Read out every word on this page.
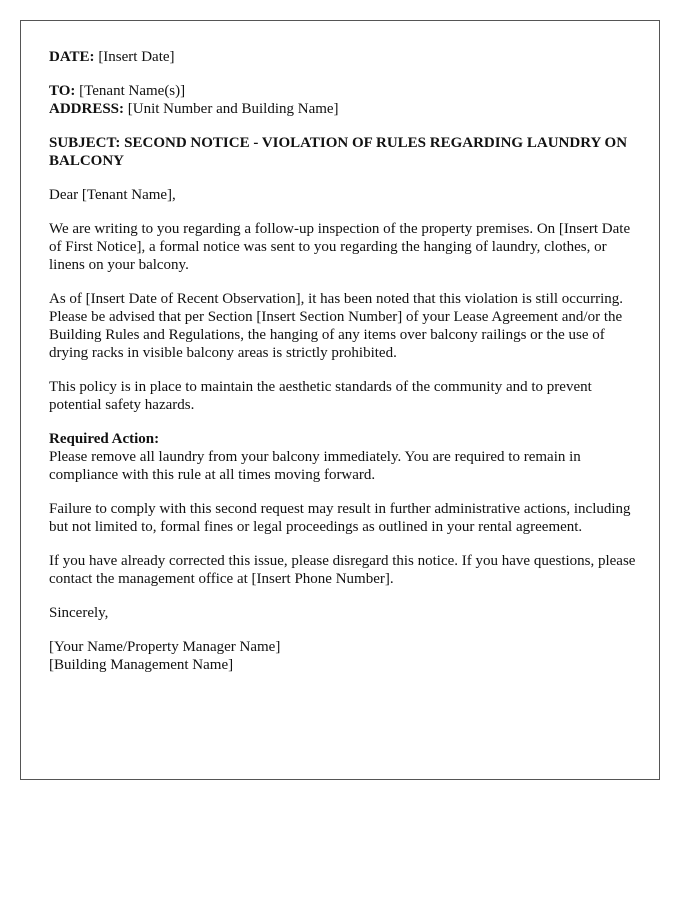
DATE: [Insert Date]

TO: [Tenant Name(s)]

ADDRESS: [Unit Number and Building Name]

SUBJECT: SECOND NOTICE - VIOLATION OF RULES REGARDING LAUNDRY ON BALCONY

Dear [Tenant Name],

We are writing to you regarding a follow-up inspection of the property premises. On [Insert Date of First Notice], a formal notice was sent to you regarding the hanging of laundry, clothes, or linens on your balcony.

As of [Insert Date of Recent Observation], it has been noted that this violation is still occurring. Please be advised that per Section [Insert Section Number] of your Lease Agreement and/or the Building Rules and Regulations, the hanging of any items over balcony railings or the use of drying racks in visible balcony areas is strictly prohibited.

This policy is in place to maintain the aesthetic standards of the community and to prevent potential safety hazards.

Required Action:

Please remove all laundry from your balcony immediately. You are required to remain in compliance with this rule at all times moving forward.

Failure to comply with this second request may result in further administrative actions, including but not limited to, formal fines or legal proceedings as outlined in your rental agreement.

If you have already corrected this issue, please disregard this notice. If you have questions, please contact the management office at [Insert Phone Number].

Sincerely,

[Your Name/Property Manager Name]

[Building Management Name]
